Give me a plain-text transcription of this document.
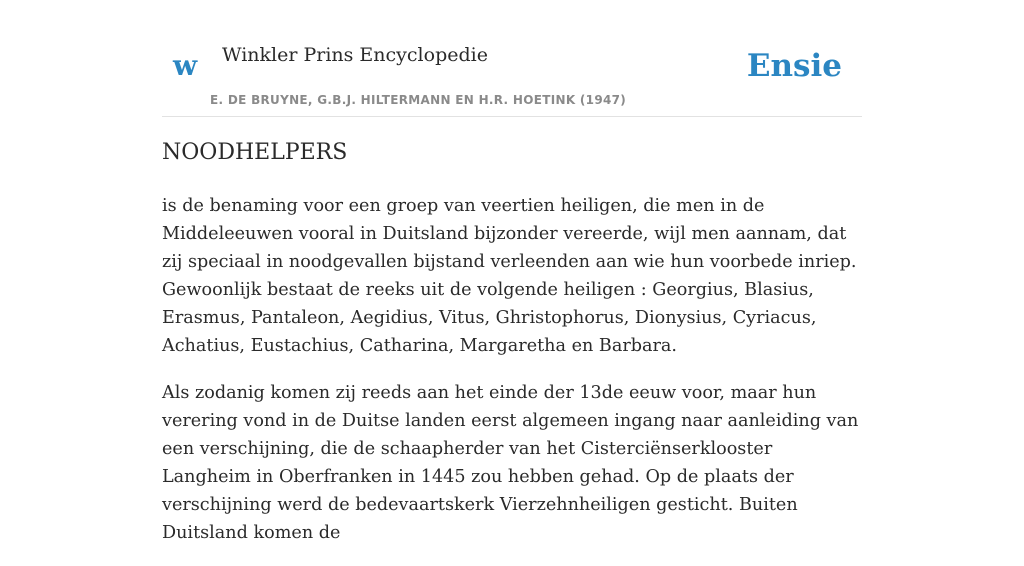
w Winkler Prins Encyclopedie
E. DE BRUYNE, G.B.J. HILTERMANN EN H.R. HOETINK (1947)
Ensie
NOODHELPERS

is de benaming voor een groep van veertien heiligen, die men in de Middeleeuwen vooral in Duitsland bijzonder vereerde, wijl men aannam, dat zij speciaal in noodgevallen bijstand verleenden aan wie hun voorbede inriep. Gewoonlijk bestaat de reeks uit de volgende heiligen : Georgius, Blasius, Erasmus, Pantaleon, Aegidius, Vitus, Ghristophorus, Dionysius, Cyriacus, Achatius, Eustachius, Catharina, Margaretha en Barbara.

Als zodanig komen zij reeds aan het einde der 13de eeuw voor, maar hun verering vond in de Duitse landen eerst algemeen ingang naar aanleiding van een verschijning, die de schaapherder van het Cisterciënserklooster Langheim in Oberfranken in 1445 zou hebben gehad. Op de plaats der verschijning werd de bedevaartskerk Vierzehnheiligen gesticht. Buiten Duitsland komen de
